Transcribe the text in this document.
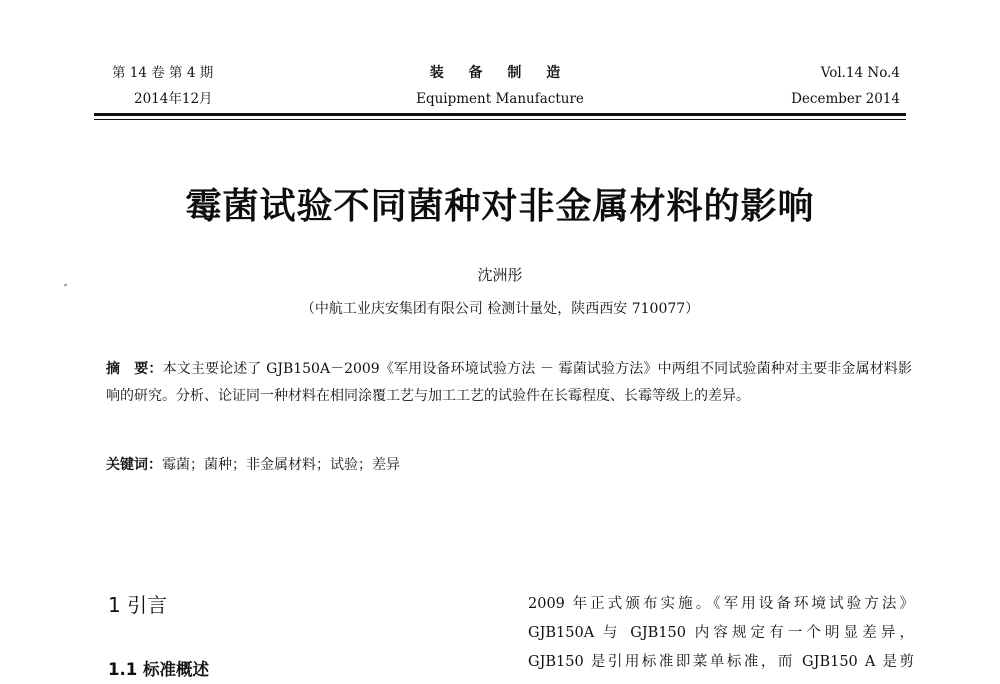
第 14 卷 第 4 期
2014年12月
装 备 制 造
Equipment Manufacture
Vol.14 No.4
December 2014
霉菌试验不同菌种对非金属材料的影响
沈洲彤
（中航工业庆安集团有限公司 检测计量处，陕西西安 710077）
摘　要：本文主要论述了 GJB150A－2009《军用设备环境试验方法 － 霉菌试验方法》中两组不同试验菌种对主要非金属材料影响的研究。分析、论证同一种材料在相同涂覆工艺与加工工艺的试验件在长霉程度、长霉等级上的差异。
关键词：霉菌；菌种；非金属材料；试验；差异
1 引言
1.1 标准概述
2009 年正式颁布实施。《军用设备环境试验方法》
GJB150A 与 GJB150 内容规定有一个明显差异，
GJB150 是引用标准即菜单标准，而 GJB150 A 是剪
